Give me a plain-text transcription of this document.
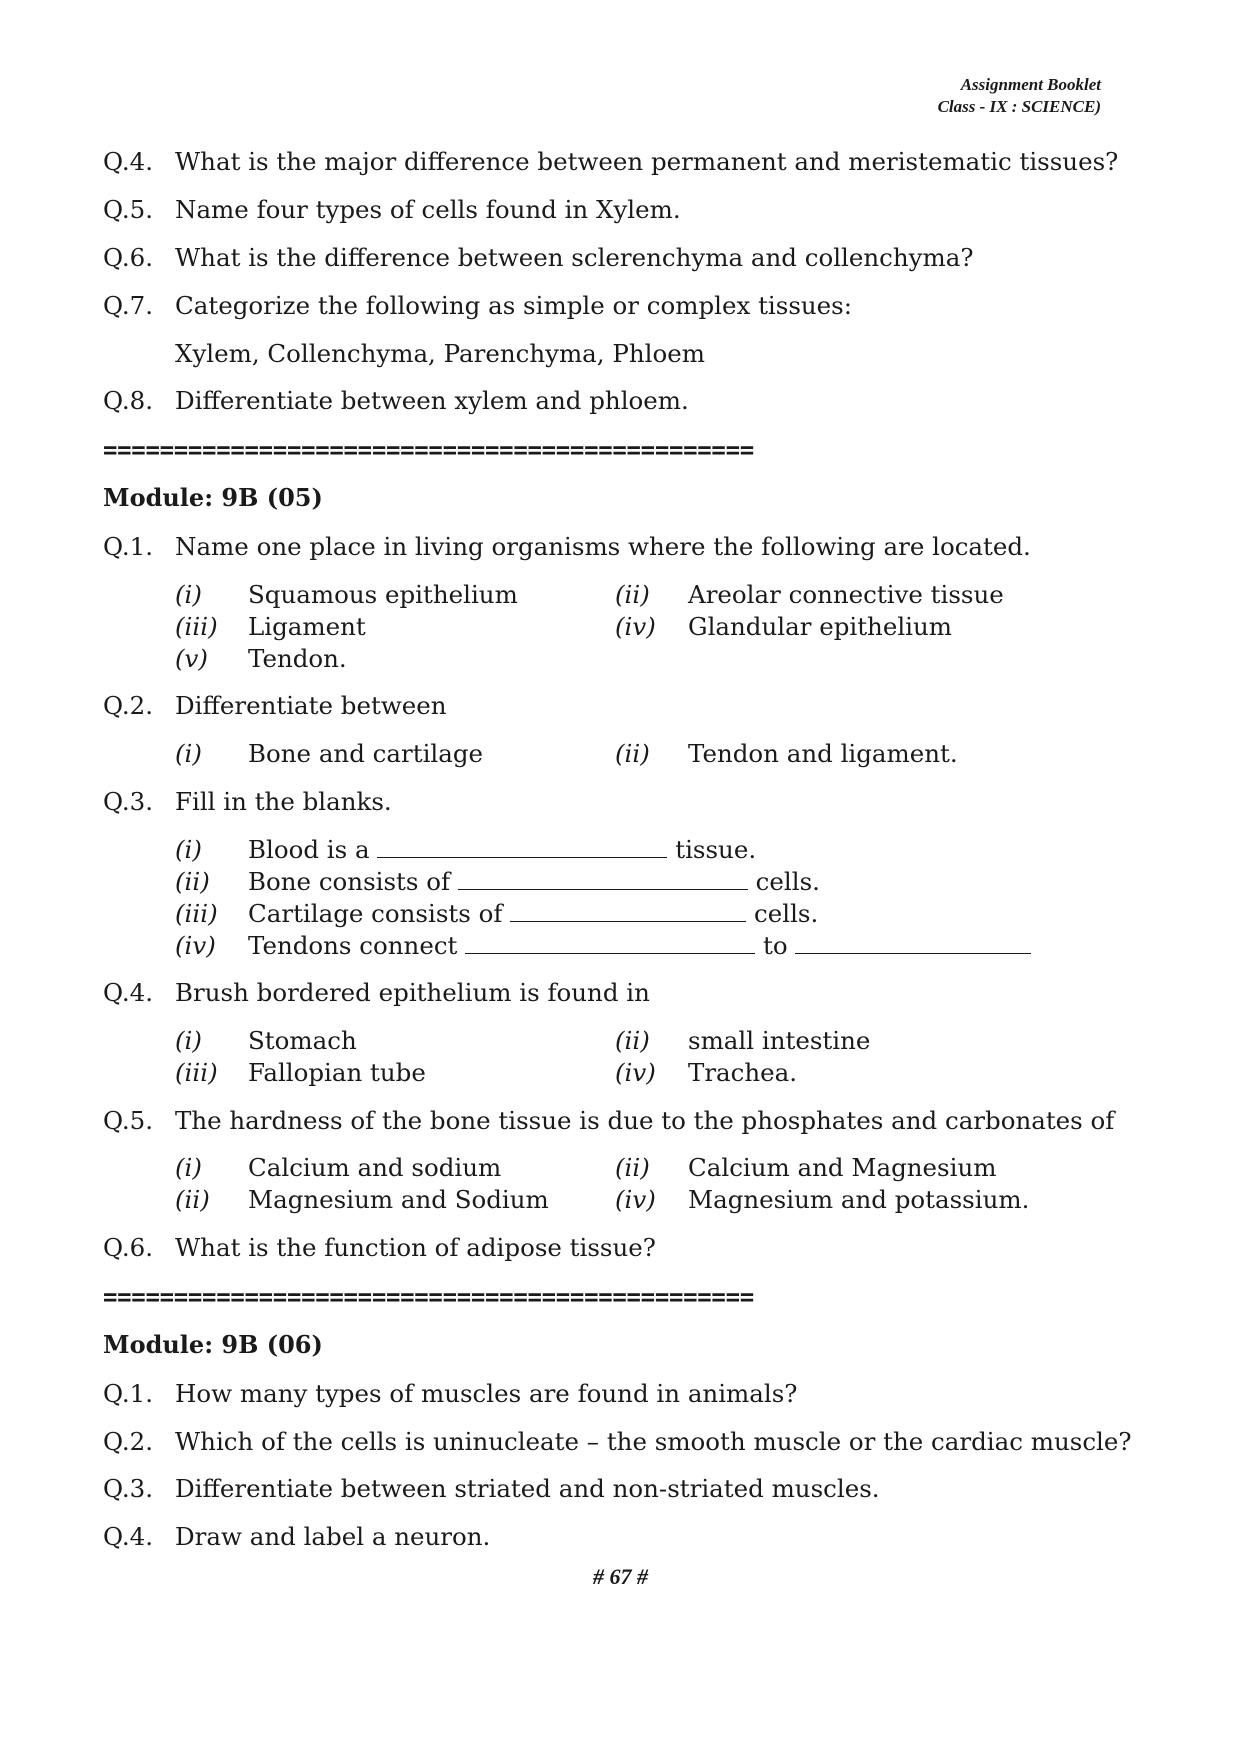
Assignment Booklet
Class - IX : SCIENCE)
Q.4. What is the major difference between permanent and meristematic tissues?
Q.5. Name four types of cells found in Xylem.
Q.6. What is the difference between sclerenchyma and collenchyma?
Q.7. Categorize the following as simple or complex tissues:
Xylem, Collenchyma, Parenchyma, Phloem
Q.8. Differentiate between xylem and phloem.
==============================================
Module: 9B (05)
Q.1. Name one place in living organisms where the following are located.
(i) Squamous epithelium	(ii) Areolar connective tissue
(iii) Ligament	(iv) Glandular epithelium
(v) Tendon.
Q.2. Differentiate between
(i) Bone and cartilage	(ii) Tendon and ligament.
Q.3. Fill in the blanks.
(i) Blood is a	tissue.
(ii) Bone consists of	cells.
(iii) Cartilage consists of	cells.
(iv) Tendons connect	to
Q.4. Brush bordered epithelium is found in
(i) Stomach	(ii) small intestine
(iii) Fallopian tube	(iv) Trachea.
Q.5. The hardness of the bone tissue is due to the phosphates and carbonates of
(i) Calcium and sodium	(ii) Calcium and Magnesium
(ii) Magnesium and Sodium	(iv) Magnesium and potassium.
Q.6. What is the function of adipose tissue?
==============================================
Module: 9B (06)
Q.1. How many types of muscles are found in animals?
Q.2. Which of the cells is uninucleate – the smooth muscle or the cardiac muscle?
Q.3. Differentiate between striated and non-striated muscles.
Q.4. Draw and label a neuron.
# 67 #
